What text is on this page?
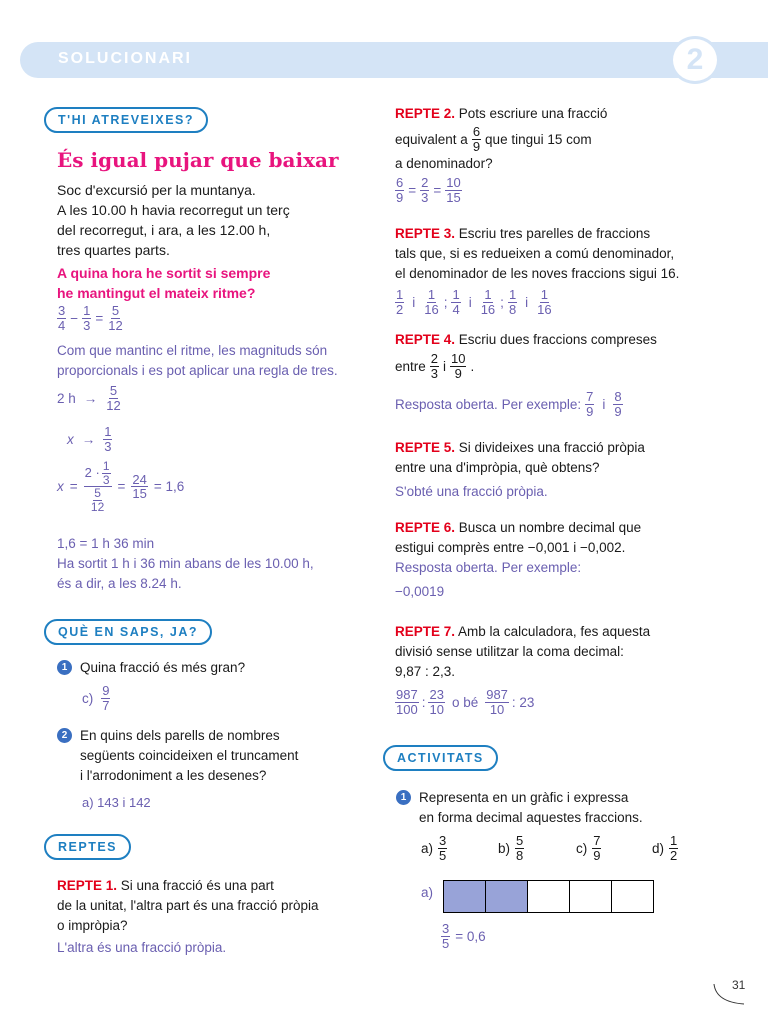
SOLUCIONARI	2
T'HI ATREVEIXES?
És igual pujar que baixar
Soc d'excursió per la muntanya.
A les 10.00 h havia recorregut un terç
del recorregut, i ara, a les 12.00 h,
tres quartes parts.
A quina hora he sortit si sempre
he mantingut el mateix ritme?
$\frac{3}{4} - \frac{1}{3} = \frac{5}{12}$
Com que mantinc el ritme, les magnituds són
proporcionals i es pot aplicar una regla de tres.
2 $h \to \frac{5}{12}$
$x \to \frac{1}{3}$
$x = \frac{2 \cdot \frac{1}{3}}{\frac{5}{12}} = \frac{24}{15} = 1,6$
1,6 = 1 h 36 min
Ha sortit 1 h i 36 min abans de les 10.00 h,
és a dir, a les 8.24 h.
QUÈ EN SAPS, JA?
1 Quina fracció és més gran?
$c) \frac{9}{7}$
2 En quins dels parells de nombres
següents coincideixen el truncament
i l'arrodoniment a les desenes?
a) 143 i 142
REPTES
REPTE 1. Si una fracció és una part
de la unitat, l'altra part és una fracció pròpia
o impròpia?
L'altra és una fracció pròpia.
REPTE 2. Pots escriure una fracció
equivalent a $\frac{6}{9}$ que tingui 15 com
a denominador?
$\frac{6}{9} = \frac{2}{3} = \frac{10}{15}$
REPTE 3. Escriu tres parelles de fraccions
tals que, si es redueixen a comú denominador,
el denominador de les noves fraccions sigui 16.
$\frac{1}{2}$ i $\frac{1}{16}$ ; $\frac{1}{4}$ i $\frac{1}{16}$ ; $\frac{1}{8}$ i $\frac{1}{16}$
REPTE 4. Escriu dues fraccions compreses
entre $\frac{2}{3}$ i $\frac{10}{9}$ .
Resposta oberta. Per exemple: $\frac{7}{9}$ i $\frac{8}{9}$
REPTE 5. Si divideixes una fracció pròpia
entre una d'impròpia, què obtens?
S'obté una fracció pròpia.
REPTE 6. Busca un nombre decimal que
estigui comprès entre −0,001 i −0,002.
Resposta oberta. Per exemple:
−0,0019
REPTE 7. Amb la calculadora, fes aquesta
divisió sense utilitzar la coma decimal:
9,87 : 2,3.
$\frac{987}{100}$ : $\frac{23}{10}$ o bé $\frac{987}{10}$ : 23
ACTIVITATS
1 Representa en un gràfic i expressa
en forma decimal aquestes fraccions.
$a) \frac{3}{5}$	$b) \frac{5}{8}$	$c) \frac{7}{9}$	$d) \frac{1}{2}$
a)
$\frac{3}{5} = 0,6$
31
